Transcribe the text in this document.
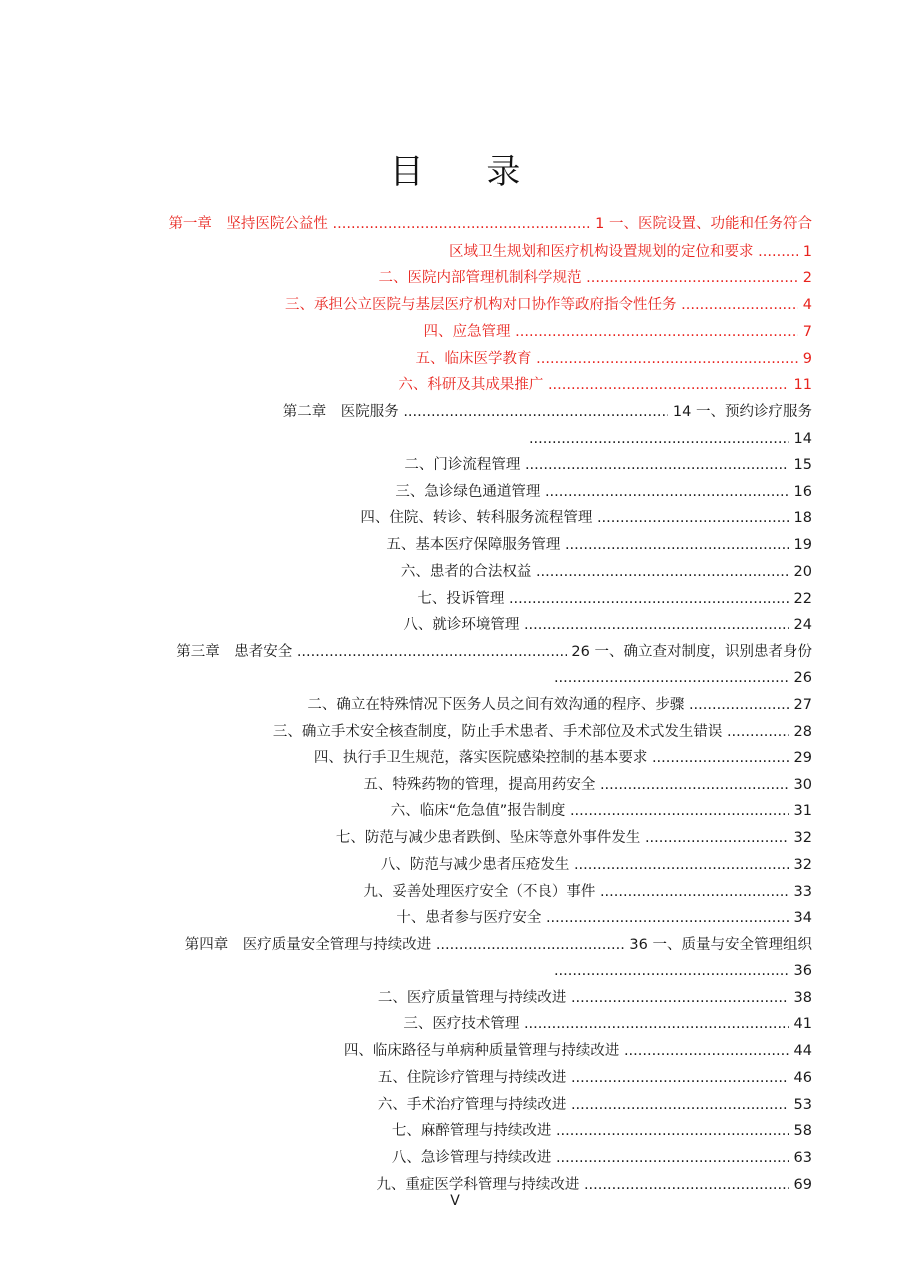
目 录
第一章　坚持医院公益性 .....	1 一、医院设置、功能和任务符合
区域卫生规划和医疗机构设置规划的定位和要求 .....	1
二、医院内部管理机制科学规范 .....	2
三、承担公立医院与基层医疗机构对口协作等政府指令性任务 .....	4
四、应急管理 .....	7
五、临床医学教育 .....	9
六、科研及其成果推广 .....	11
第二章　医院服务 .....	14 一、预约诊疗服务
..... 14
二、门诊流程管理 .....	15
三、急诊绿色通道管理 .....	16
四、住院、转诊、转科服务流程管理 .....	18
五、基本医疗保障服务管理 .....	19
六、患者的合法权益 .....	20
七、投诉管理 .....	22
八、就诊环境管理 .....	24
第三章　患者安全 .....	26 一、确立查对制度，识别患者身份
..... 26
二、确立在特殊情况下医务人员之间有效沟通的程序、步骤 .....	27
三、确立手术安全核查制度，防止手术患者、手术部位及术式发生错误 .....	28
四、执行手卫生规范，落实医院感染控制的基本要求 .....	29
五、特殊药物的管理，提高用药安全 .....	30
六、临床“危急值”报告制度 .....	31
七、防范与减少患者跌倒、坠床等意外事件发生 .....	32
八、防范与减少患者压疮发生 .....	32
九、妥善处理医疗安全（不良）事件 .....	33
十、患者参与医疗安全 .....	34
第四章　医疗质量安全管理与持续改进 .....	36 一、质量与安全管理组织
..... 36
二、医疗质量管理与持续改进 .....	38
三、医疗技术管理 .....	41
四、临床路径与单病种质量管理与持续改进 .....	44
五、住院诊疗管理与持续改进 .....	46
六、手术治疗管理与持续改进 .....	53
七、麻醉管理与持续改进 .....	58
八、急诊管理与持续改进 .....	63
九、重症医学科管理与持续改进 .....	69
V
